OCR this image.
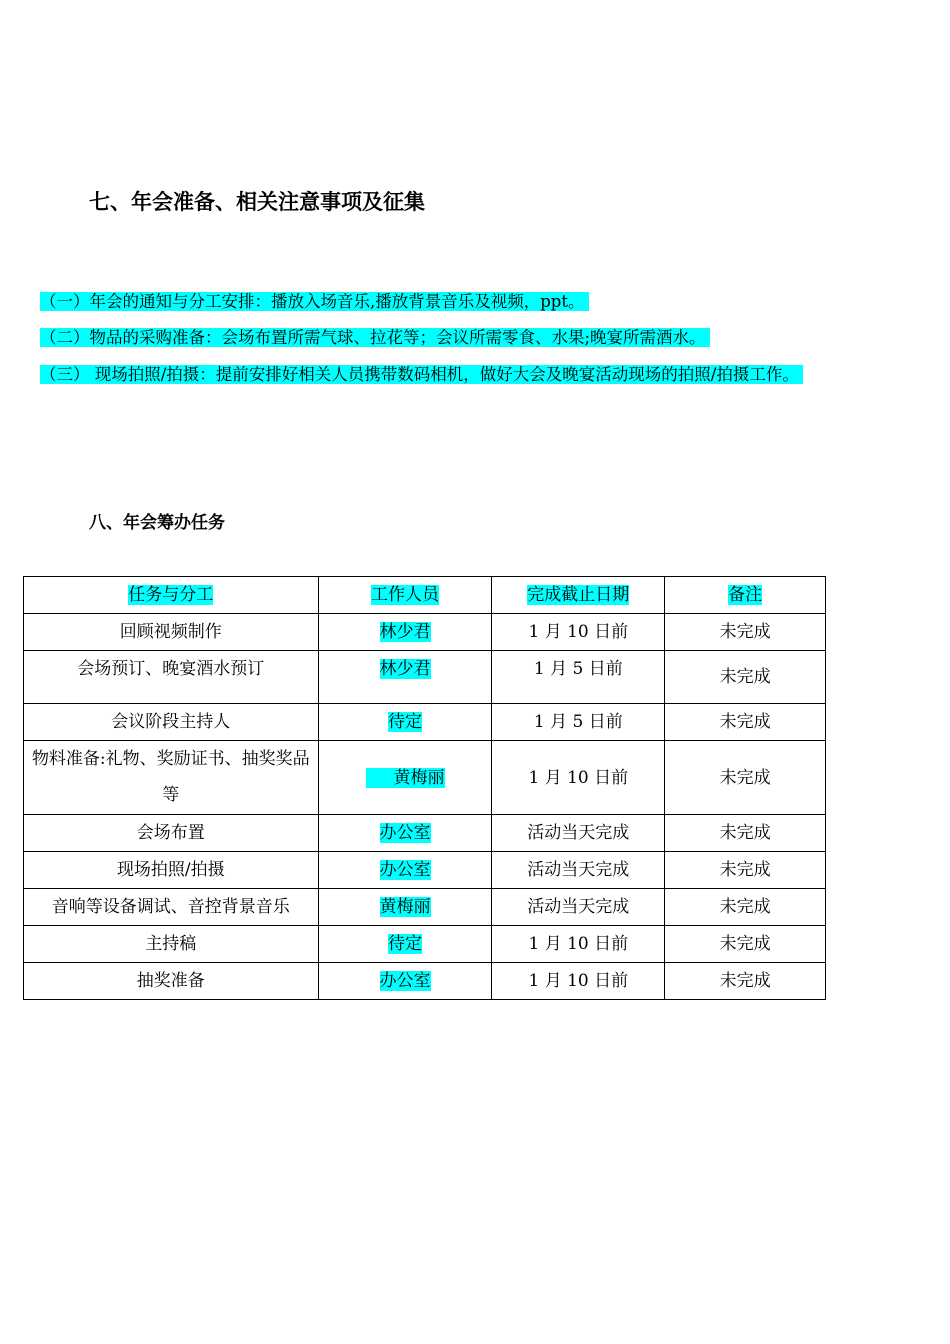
七、年会准备、相关注意事项及征集

（一）年会的通知与分工安排：播放入场音乐,播放背景音乐及视频，ppt。

（二）物品的采购准备：会场布置所需气球、拉花等；会议所需零食、水果;晚宴所需酒水。

（三） 现场拍照/拍摄：提前安排好相关人员携带数码相机，做好大会及晚宴活动现场的拍照/拍摄工作。

八、年会筹办任务
任务与分工	工作人员	完成截止日期	备注
回顾视频制作	林少君	1 月 10 日前	未完成
会场预订、晚宴酒水预订	林少君	1 月 5 日前	未完成
会议阶段主持人	待定	1 月 5 日前	未完成

物料准备:礼物、奖励证书、抽奖奖品等	黄梅丽	1 月 10 日前	未完成
会场布置	办公室	活动当天完成	未完成
现场拍照/拍摄	办公室	活动当天完成	未完成
音响等设备调试、音控背景音乐	黄梅丽	活动当天完成	未完成
主持稿	待定	1 月 10 日前	未完成
抽奖准备	办公室	1 月 10 日前	未完成
